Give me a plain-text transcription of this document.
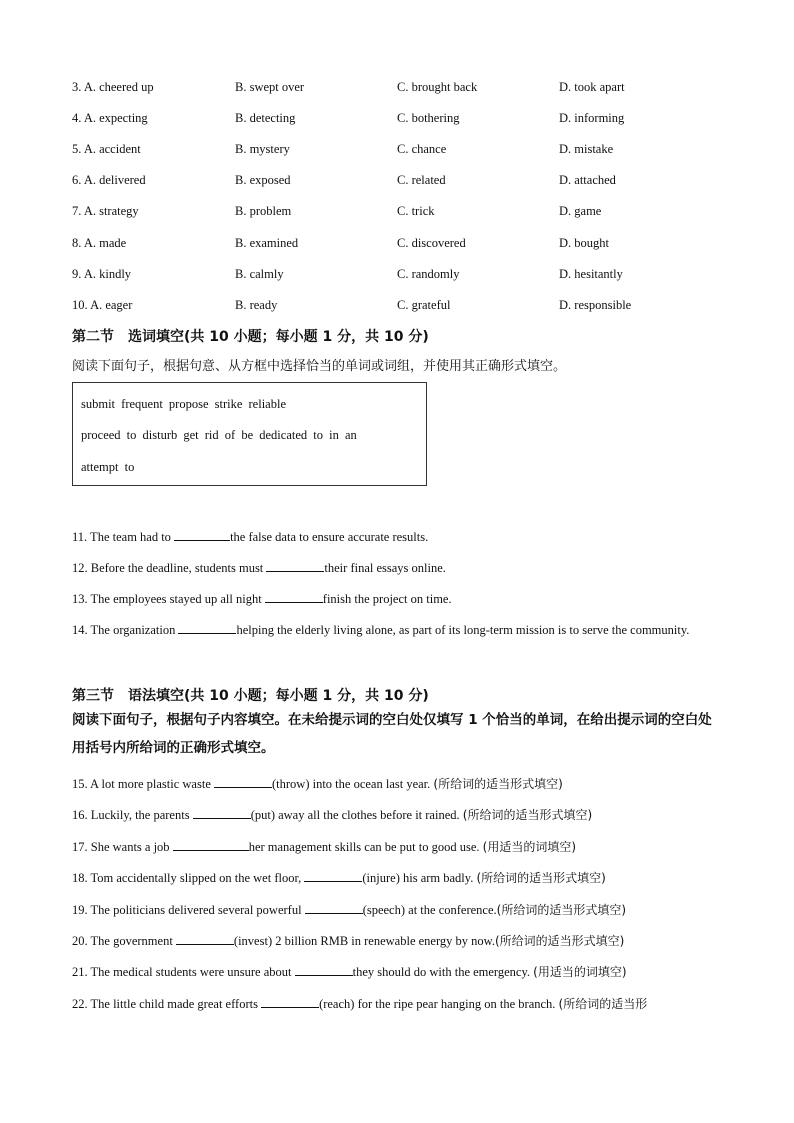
3. A. cheered up	B. swept over	C. brought back	D. took apart
4. A. expecting	B. detecting	C. bothering	D. informing
5. A. accident	B. mystery	C. chance	D. mistake
6. A. delivered	B. exposed	C. related	D. attached
7. A. strategy	B. problem	C. trick	D. game
8. A. made	B. examined	C. discovered	D. bought
9. A. kindly	B. calmly	C. randomly	D. hesitantly
10. A. eager	B. ready	C. grateful	D. responsible
第二节 选词填空(共 10 小题；每小题 1 分，共 10 分)
阅读下面句子，根据句意、从方框中选择恰当的单词或词组，并使用其正确形式填空。
submit frequent propose strike reliable
proceed to disturb get rid of be dedicated to in an
attempt to
11. The team had to	the false data to ensure accurate results.
12. Before the deadline, students must	their final essays online.
13. The employees stayed up all night	finish the project on time.
14. The organization	helping the elderly living alone, as part of its long-term mission is to serve the community.
第三节 语法填空(共 10 小题；每小题 1 分，共 10 分)
阅读下面句子，根据句子内容填空。在未给提示词的空白处仅填写 1 个恰当的单词，在给出提示词的空白处用括号内所给词的正确形式填空。
15. A lot more plastic waste	(throw) into the ocean last year. (所给词的适当形式填空)
16. Luckily, the parents	(put) away all the clothes before it rained. (所给词的适当形式填空)
17. She wants a job	her management skills can be put to good use. (用适当的词填空)
18. Tom accidentally slipped on the wet floor,	(injure) his arm badly. (所给词的适当形式填空)
19. The politicians delivered several powerful	(speech) at the conference.(所给词的适当形式填空)
20. The government	(invest) 2 billion RMB in renewable energy by now.(所给词的适当形式填空)
21. The medical students were unsure about	they should do with the emergency. (用适当的词填空)
22. The little child made great efforts	(reach) for the ripe pear hanging on the branch. (所给词的适当形
